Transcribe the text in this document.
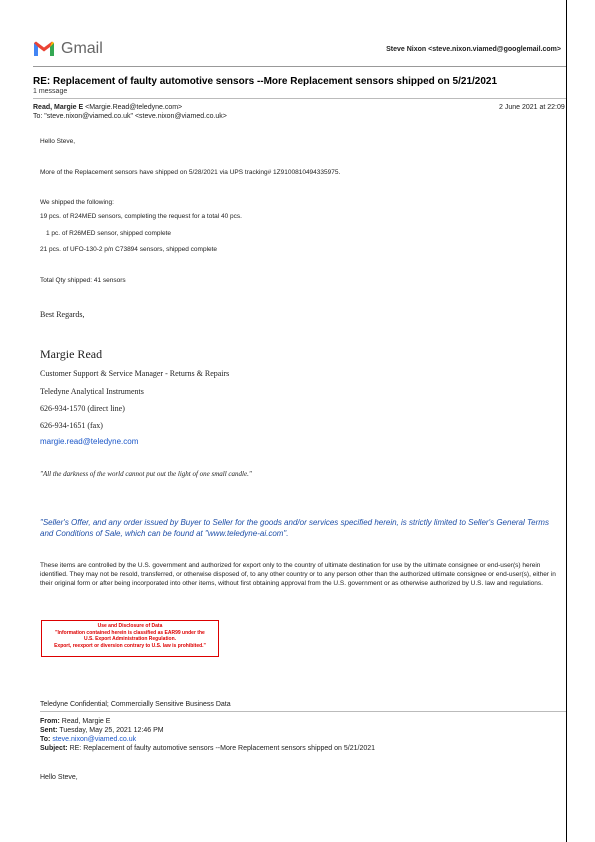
Gmail	Steve Nixon <steve.nixon.viamed@googlemail.com>
RE: Replacement of faulty automotive sensors --More Replacement sensors shipped on 5/21/2021
1 message
Read, Margie E <Margie.Read@teledyne.com>
To: "steve.nixon@viamed.co.uk" <steve.nixon@viamed.co.uk>
2 June 2021 at 22:09
Hello Steve,
More of the Replacement sensors have shipped on 5/28/2021 via UPS tracking# 1Z9100810494335975.
We shipped the following:
19 pcs. of R24MED sensors, completing the request for a total 40 pcs.
1 pc. of R26MED sensor, shipped complete
21 pcs. of UFO-130-2 p/n C73894 sensors, shipped complete
Total Qty shipped: 41 sensors
Best Regards,
Margie Read
Customer Support & Service Manager - Returns & Repairs
Teledyne Analytical Instruments
626-934-1570 (direct line)
626-934-1651 (fax)
margie.read@teledyne.com
"All the darkness of the world cannot put out the light of one small candle."
"Seller's Offer, and any order issued by Buyer to Seller for the goods and/or services specified herein, is strictly limited to Seller's General Terms and Conditions of Sale, which can be found at "www.teledyne-ai.com".
These items are controlled by the U.S. government and authorized for export only to the country of ultimate destination for use by the ultimate consignee or end-user(s) herein identified. They may not be resold, transferred, or otherwise disposed of, to any other country or to any person other than the authorized ultimate consignee or end-user(s), either in their original form or after being incorporated into other items, without first obtaining approval from the U.S. government or as otherwise authorized by U.S. law and regulations.
Use and Disclosure of Data
"Information contained herein is classified as EAR99 under the
U.S. Export Administration Regulation.
Export, reexport or diversion contrary to U.S. law is prohibited."
Teledyne Confidential; Commercially Sensitive Business Data
From: Read, Margie E
Sent: Tuesday, May 25, 2021 12:46 PM
To: steve.nixon@viamed.co.uk
Subject: RE: Replacement of faulty automotive sensors --More Replacement sensors shipped on 5/21/2021
Hello Steve,
